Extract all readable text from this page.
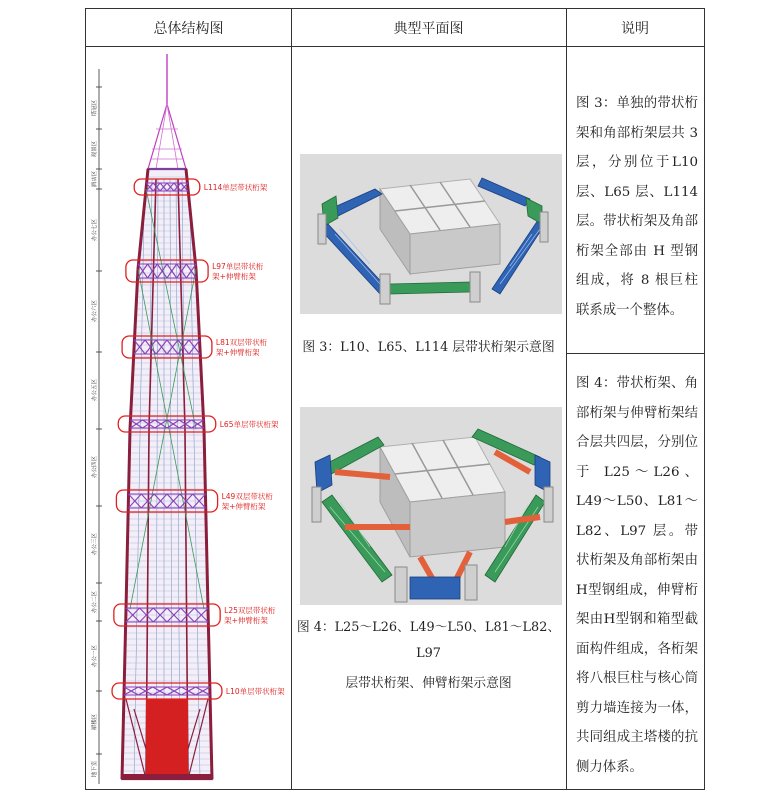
总体结构图	典型平面图	说明
塔冠区
观景区
酒店区
办公七区
办公六区
办公五区
办公四区
办公三区
办公二区
办公一区
裙楼区
地下室
L114单层带状桁架
L97单层带状桁
架+伸臂桁架
L81双层带状桁
架+伸臂桁架
L65单层带状桁架
L49双层带状桁
架+伸臂桁架
L25双层带状桁
架+伸臂桁架
L10单层带状桁架
图 3：L10、L65、L114 层带状桁架示意图
图 4：L25～L26、L49～L50、L81～L82、L97
层带状桁架、伸臂桁架示意图
图 3：单独的带状桁架和角部桁架层共 3 层，分别位于L10层、L65 层、L114 层。带状桁架及角部桁架全部由 H 型钢组成，将 8 根巨柱联系成一个整体。
图 4：带状桁架、角部桁架与伸臂桁架结合层共四层，分别位于 L25～L26、L49～L50、L81～L82、L97 层。带状桁架及角部桁架由H型钢组成，伸臂桁架由H型钢和箱型截面构件组成，各桁架将八根巨柱与核心筒剪力墙连接为一体，共同组成主塔楼的抗侧力体系。
